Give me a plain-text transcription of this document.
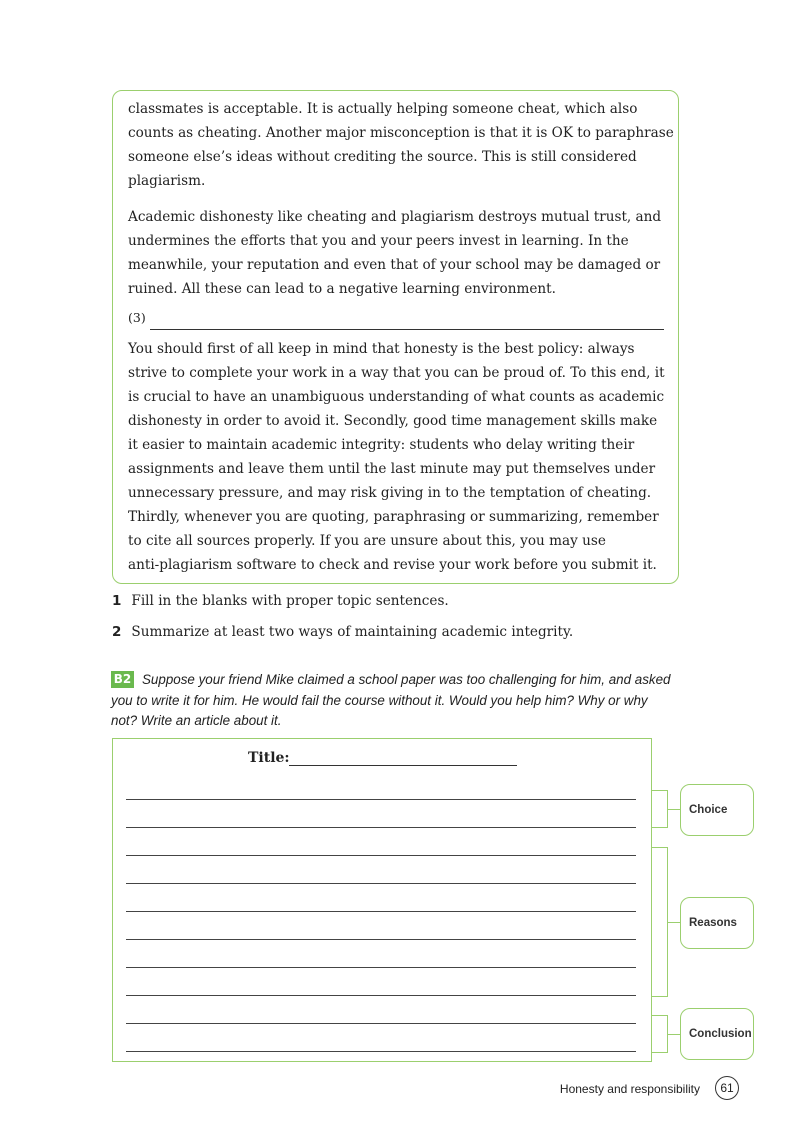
classmates is acceptable. It is actually helping someone cheat, which also
counts as cheating. Another major misconception is that it is OK to paraphrase
someone else’s ideas without crediting the source. This is still considered
plagiarism.

Academic dishonesty like cheating and plagiarism destroys mutual trust, and
undermines the efforts that you and your peers invest in learning. In the
meanwhile, your reputation and even that of your school may be damaged or
ruined. All these can lead to a negative learning environment.

(3)

You should first of all keep in mind that honesty is the best policy: always
strive to complete your work in a way that you can be proud of. To this end, it
is crucial to have an unambiguous understanding of what counts as academic
dishonesty in order to avoid it. Secondly, good time management skills make
it easier to maintain academic integrity: students who delay writing their
assignments and leave them until the last minute may put themselves under
unnecessary pressure, and may risk giving in to the temptation of cheating.
Thirdly, whenever you are quoting, paraphrasing or summarizing, remember
to cite all sources properly. If you are unsure about this, you may use
anti-plagiarism software to check and revise your work before you submit it.

1 Fill in the blanks with proper topic sentences.
2 Summarize at least two ways of maintaining academic integrity.
B2 Suppose your friend Mike claimed a school paper was too challenging for him, and asked
you to write it for him. He would fail the course without it. Would you help him? Why or why
not? Write an article about it.

Title:
Choice
Reasons
Conclusion
Honesty and responsibility	61
